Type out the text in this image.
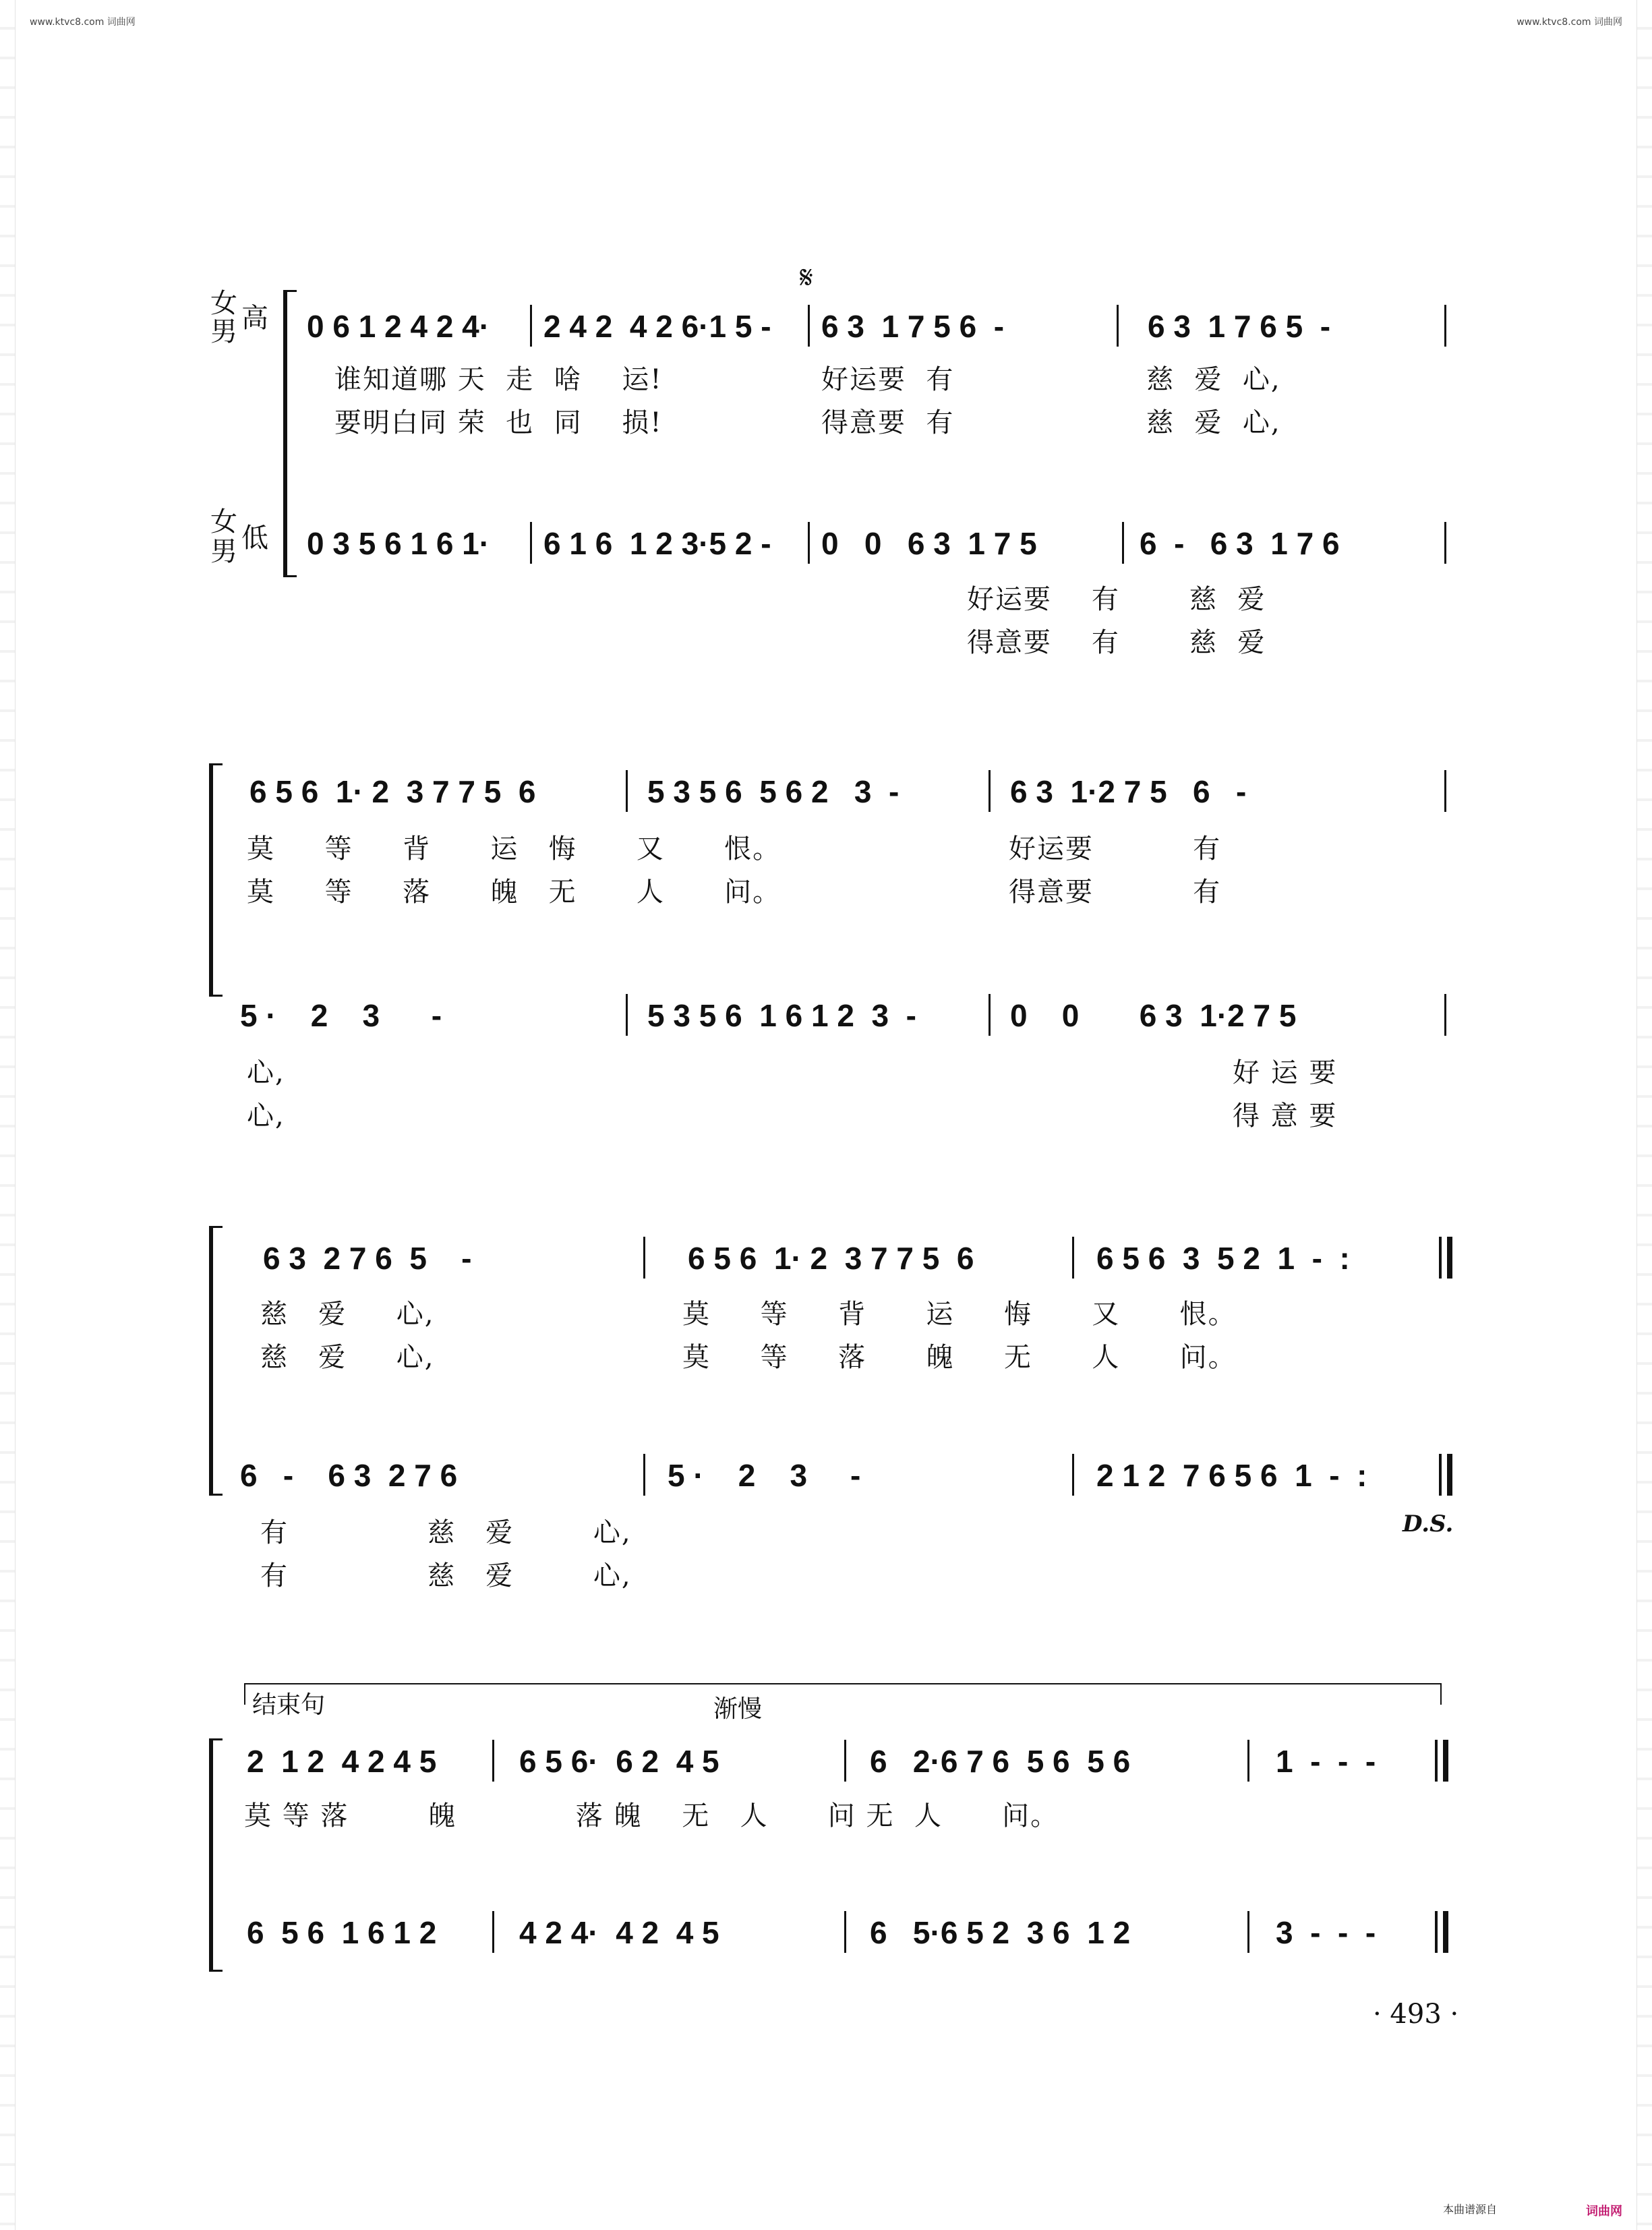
www.ktvc8.com 词曲网	www.ktvc8.com 词曲网
女
男 高
女
男 低
𝄋
0 6 1 2 4 2 4· 2 4 2  4 2 6·1 5 - 6 3  1 7 5 6  -	6 3  1 7 6 5  -
谁知道哪 天  走  啥    运!	好运要  有	慈  爱  心,
要明白同 荣  也  同    损!	得意要  有	慈  爱  心,
0 3 5 6 1 6 1· 6 1 6  1 2 3·5 2 - 0   0   6 3  1 7 5	6  -   6 3  1 7 6
好运要    有       慈  爱
得意要    有       慈  爱
6 5 6  1· 2  3 7 7 5  6	5 3 5 6  5 6 2   3  -	6 3  1·2 7 5   6   -
莫     等     背      运   悔      又      恨。	好运要          有
莫     等     落      魄   无      人      问。	得意要          有
5 ·    2    3      -	5 3 5 6  1 6 1 2  3  -	0    0       6 3  1·2 7 5
心,	好 运 要
心,	得 意 要
6 3  2 7 6  5    -	6 5 6  1· 2  3 7 7 5  6	6 5 6  3  5 2  1  -  :
慈   爱     心,	莫     等     背      运     悔      又      恨。
慈   爱     心,	莫     等     落      魄     无      人      问。
6   -    6 3  2 7 6	5 ·    2    3     -	2 1 2  7 6 5 6  1  -  :
D.S.
有              慈   爱        心,
有              慈   爱        心,
结束句	渐慢
2  1 2  4 2 4 5	6 5 6·  6 2  4 5	6   2·6 7 6  5 6  5 6	1  -  -  -
莫 等 落        魄            落 魄    无   人      问 无  人      问。
6  5 6  1 6 1 2	4 2 4·  4 2  4 5	6   5·6 5 2  3 6  1 2	3  -  -  -
· 493 ·
本曲谱源自	词曲网
